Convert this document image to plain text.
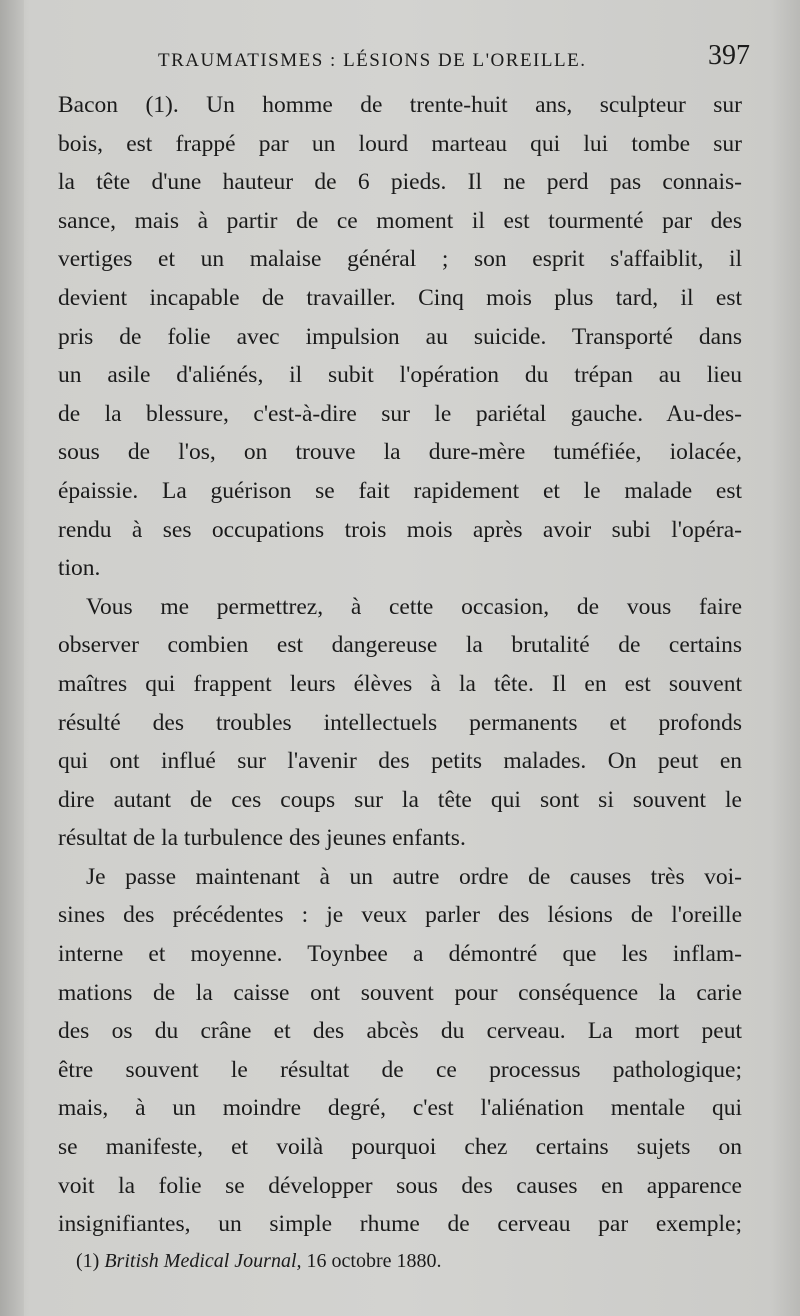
TRAUMATISMES : LÉSIONS DE L'OREILLE.	397
Bacon (1). Un homme de trente-huit ans, sculpteur sur
bois, est frappé par un lourd marteau qui lui tombe sur
la tête d'une hauteur de 6 pieds. Il ne perd pas connais-
sance, mais à partir de ce moment il est tourmenté par des
vertiges et un malaise général ; son esprit s'affaiblit, il
devient incapable de travailler. Cinq mois plus tard, il est
pris de folie avec impulsion au suicide. Transporté dans
un asile d'aliénés, il subit l'opération du trépan au lieu
de la blessure, c'est-à-dire sur le pariétal gauche. Au-des-
sous de l'os, on trouve la dure-mère tuméfiée, iolacée,
épaissie. La guérison se fait rapidement et le malade est
rendu à ses occupations trois mois après avoir subi l'opéra-
tion.
Vous me permettrez, à cette occasion, de vous faire
observer combien est dangereuse la brutalité de certains
maîtres qui frappent leurs élèves à la tête. Il en est souvent
résulté des troubles intellectuels permanents et profonds
qui ont influé sur l'avenir des petits malades. On peut en
dire autant de ces coups sur la tête qui sont si souvent le
résultat de la turbulence des jeunes enfants.
Je passe maintenant à un autre ordre de causes très voi-
sines des précédentes : je veux parler des lésions de l'oreille
interne et moyenne. Toynbee a démontré que les inflam-
mations de la caisse ont souvent pour conséquence la carie
des os du crâne et des abcès du cerveau. La mort peut
être souvent le résultat de ce processus pathologique;
mais, à un moindre degré, c'est l'aliénation mentale qui
se manifeste, et voilà pourquoi chez certains sujets on
voit la folie se développer sous des causes en apparence
insignifiantes, un simple rhume de cerveau par exemple;
(1) British Medical Journal, 16 octobre 1880.
